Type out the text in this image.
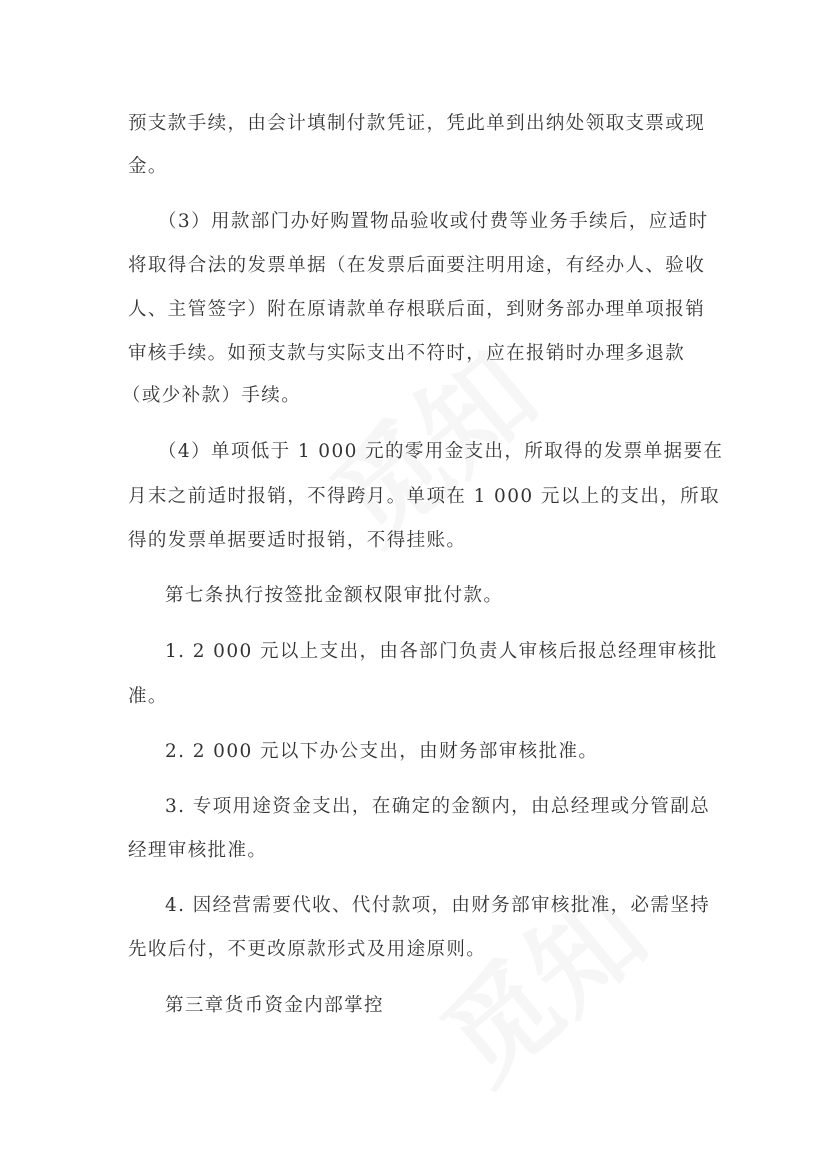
预支款手续，由会计填制付款凭证，凭此单到出纳处领取支票或现
金。
（3）用款部门办好购置物品验收或付费等业务手续后，应适时
将取得合法的发票单据（在发票后面要注明用途，有经办人、验收
人、主管签字）附在原请款单存根联后面，到财务部办理单项报销
审核手续。如预支款与实际支出不符时，应在报销时办理多退款
（或少补款）手续。
（4）单项低于 1 000 元的零用金支出，所取得的发票单据要在
月末之前适时报销，不得跨月。单项在 1 000 元以上的支出，所取
得的发票单据要适时报销，不得挂账。
第七条执行按签批金额权限审批付款。
1. 2 000 元以上支出，由各部门负责人审核后报总经理审核批
准。
2. 2 000 元以下办公支出，由财务部审核批准。
3. 专项用途资金支出，在确定的金额内，由总经理或分管副总
经理审核批准。
4. 因经营需要代收、代付款项，由财务部审核批准，必需坚持
先收后付，不更改原款形式及用途原则。
第三章货币资金内部掌控
